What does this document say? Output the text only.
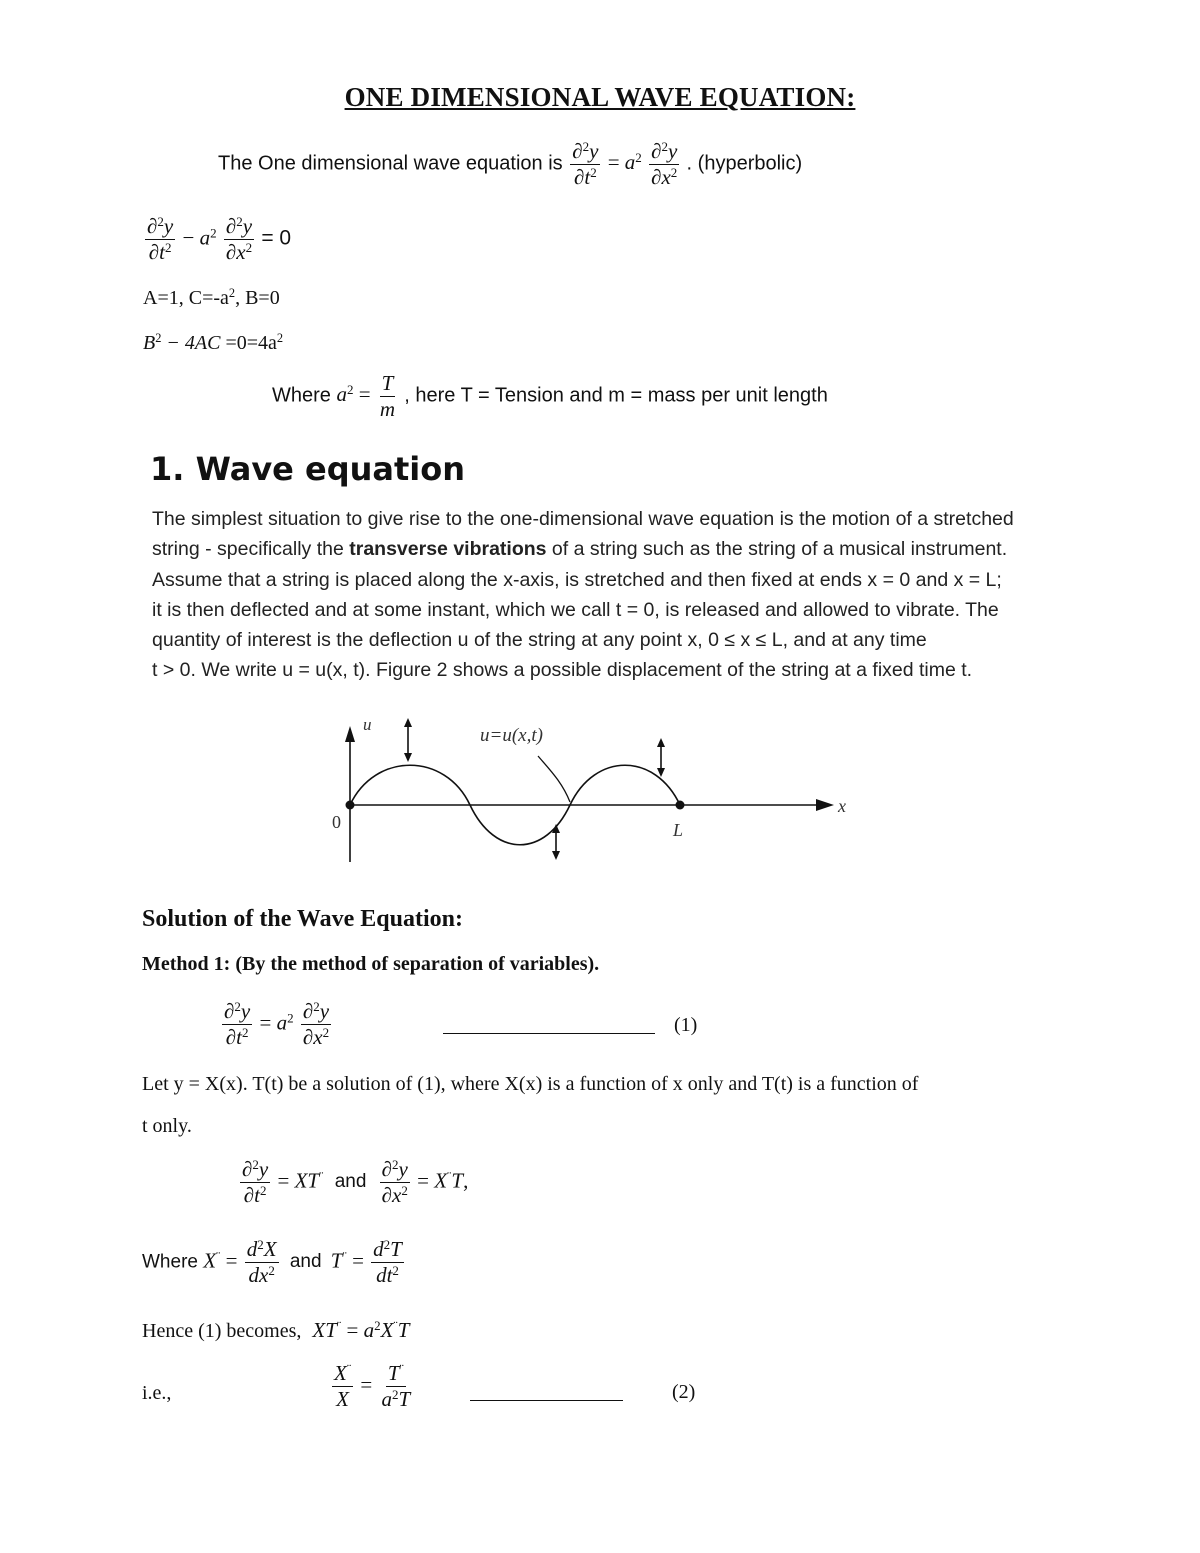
ONE DIMENSIONAL WAVE EQUATION:
The One dimensional wave equation is $\frac{\partial^2y}{\partial t^2} = a^2 \frac{\partial^2y}{\partial x^2}$ . (hyperbolic)
$\frac{\partial^2y}{\partial t^2} - a^2 \frac{\partial^2y}{\partial x^2} = 0$
A=1, $C=-a^2$, B=0
$B^2 - 4AC =0=4a^2$
Where $a^2 = \frac{T}{m}$ , here T = Tension and m = mass per unit length
1. Wave equation
The simplest situation to give rise to the one-dimensional wave equation is the motion of a stretched
string - specifically the transverse vibrations of a string such as the string of a musical instrument.
Assume that a string is placed along the x-axis, is stretched and then fixed at ends x = 0 and x = L;
it is then deflected and at some instant, which we call t = 0, is released and allowed to vibrate. The
quantity of interest is the deflection u of the string at any point x, 0 ≤ x ≤ L, and at any time
t > 0. We write u = u(x, t). Figure 2 shows a possible displacement of the string at a fixed time t.
u
x
0	L
u=u(x,t)
Solution of the Wave Equation:
Method 1: (By the method of separation of variables).
$\frac{\partial^2y}{\partial t^2} = a^2 \frac{\partial^2y}{\partial x^2}$	(1)
Let y = X(x). T(t) be a solution of (1), where X(x) is a function of x only and T(t) is a function of
t only.
$\frac{\partial^2y}{\partial t^2} = XT^¨$ and $\frac{\partial^2y}{\partial x^2} = X^¨T$,
Where $X^¨ = \frac{d^2X}{dx^2}$ and $T^¨ = \frac{d^2T}{dt^2}$
Hence (1) becomes, $XT^¨ = a^2X^¨T$
i.e.,	$\frac{X^¨}{X} = \frac{T^¨}{a^2T}$	(2)
